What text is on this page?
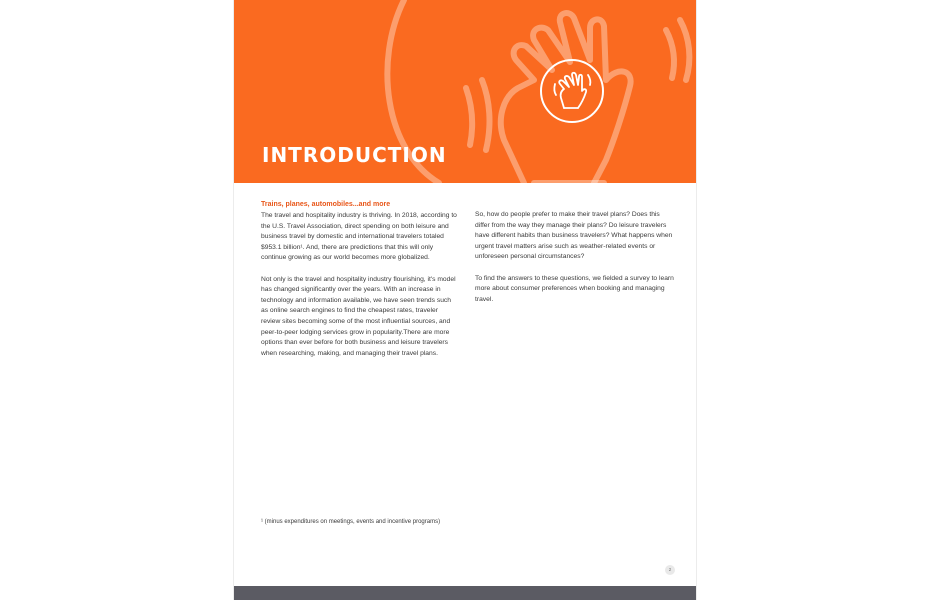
INTRODUCTION
Trains, planes, automobiles...and more

The travel and hospitality industry is thriving. In 2018, according to the U.S. Travel Association, direct spending on both leisure and business travel by domestic and international travelers totaled $953.1 billion¹. And, there are predictions that this will only continue growing as our world becomes more globalized.

Not only is the travel and hospitality industry flourishing, it's model has changed significantly over the years. With an increase in technology and information available, we have seen trends such as online search engines to find the cheapest rates, traveler review sites becoming some of the most influential sources, and peer-to-peer lodging services grow in popularity.There are more options than ever before for both business and leisure travelers when researching, making, and managing their travel plans.

So, how do people prefer to make their travel plans? Does this differ from the way they manage their plans? Do leisure travelers have different habits than business travelers? What happens when urgent travel matters arise such as weather-related events or unforeseen personal circumstances?

To find the answers to these questions, we fielded a survey to learn more about consumer preferences when booking and managing travel.

¹ (minus expenditures on meetings, events and incentive programs)
2
